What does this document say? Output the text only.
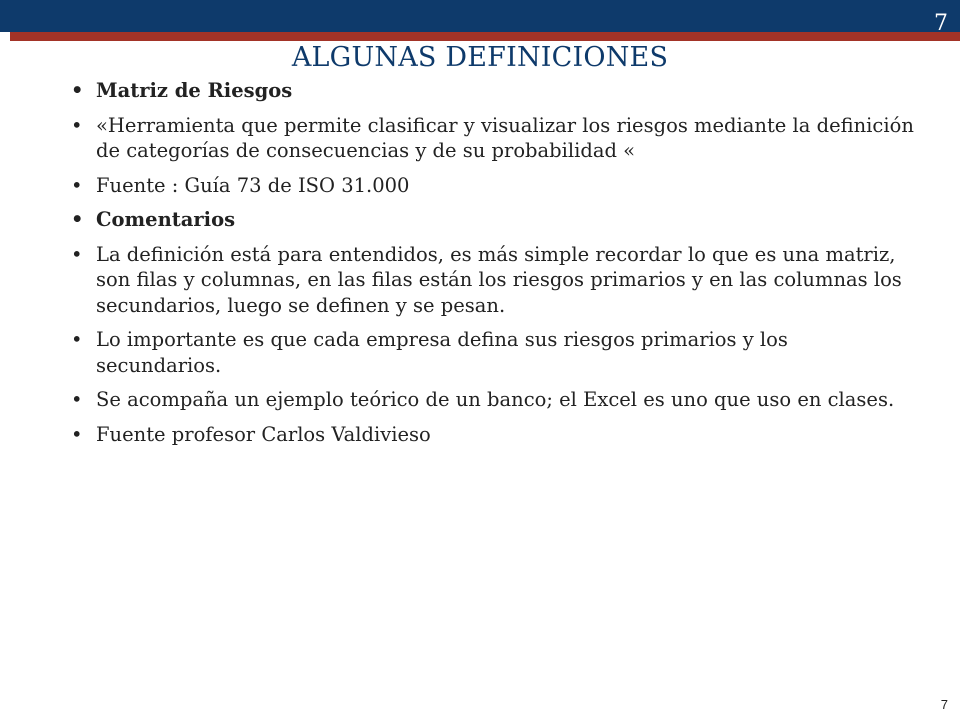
7
ALGUNAS DEFINICIONES
• Matriz de Riesgos
• «Herramienta que permite clasificar y visualizar los riesgos mediante la definición de categorías de consecuencias y de su probabilidad «
• Fuente : Guía 73 de ISO 31.000
• Comentarios
• La definición está para entendidos, es más simple recordar lo que es una matriz, son filas y columnas, en las filas están los riesgos primarios y en las columnas los secundarios, luego se definen y se pesan.
• Lo importante es que cada empresa defina sus riesgos primarios y los secundarios.
• Se acompaña un ejemplo teórico de un banco; el Excel es uno que uso en clases.
• Fuente profesor Carlos Valdivieso
7
